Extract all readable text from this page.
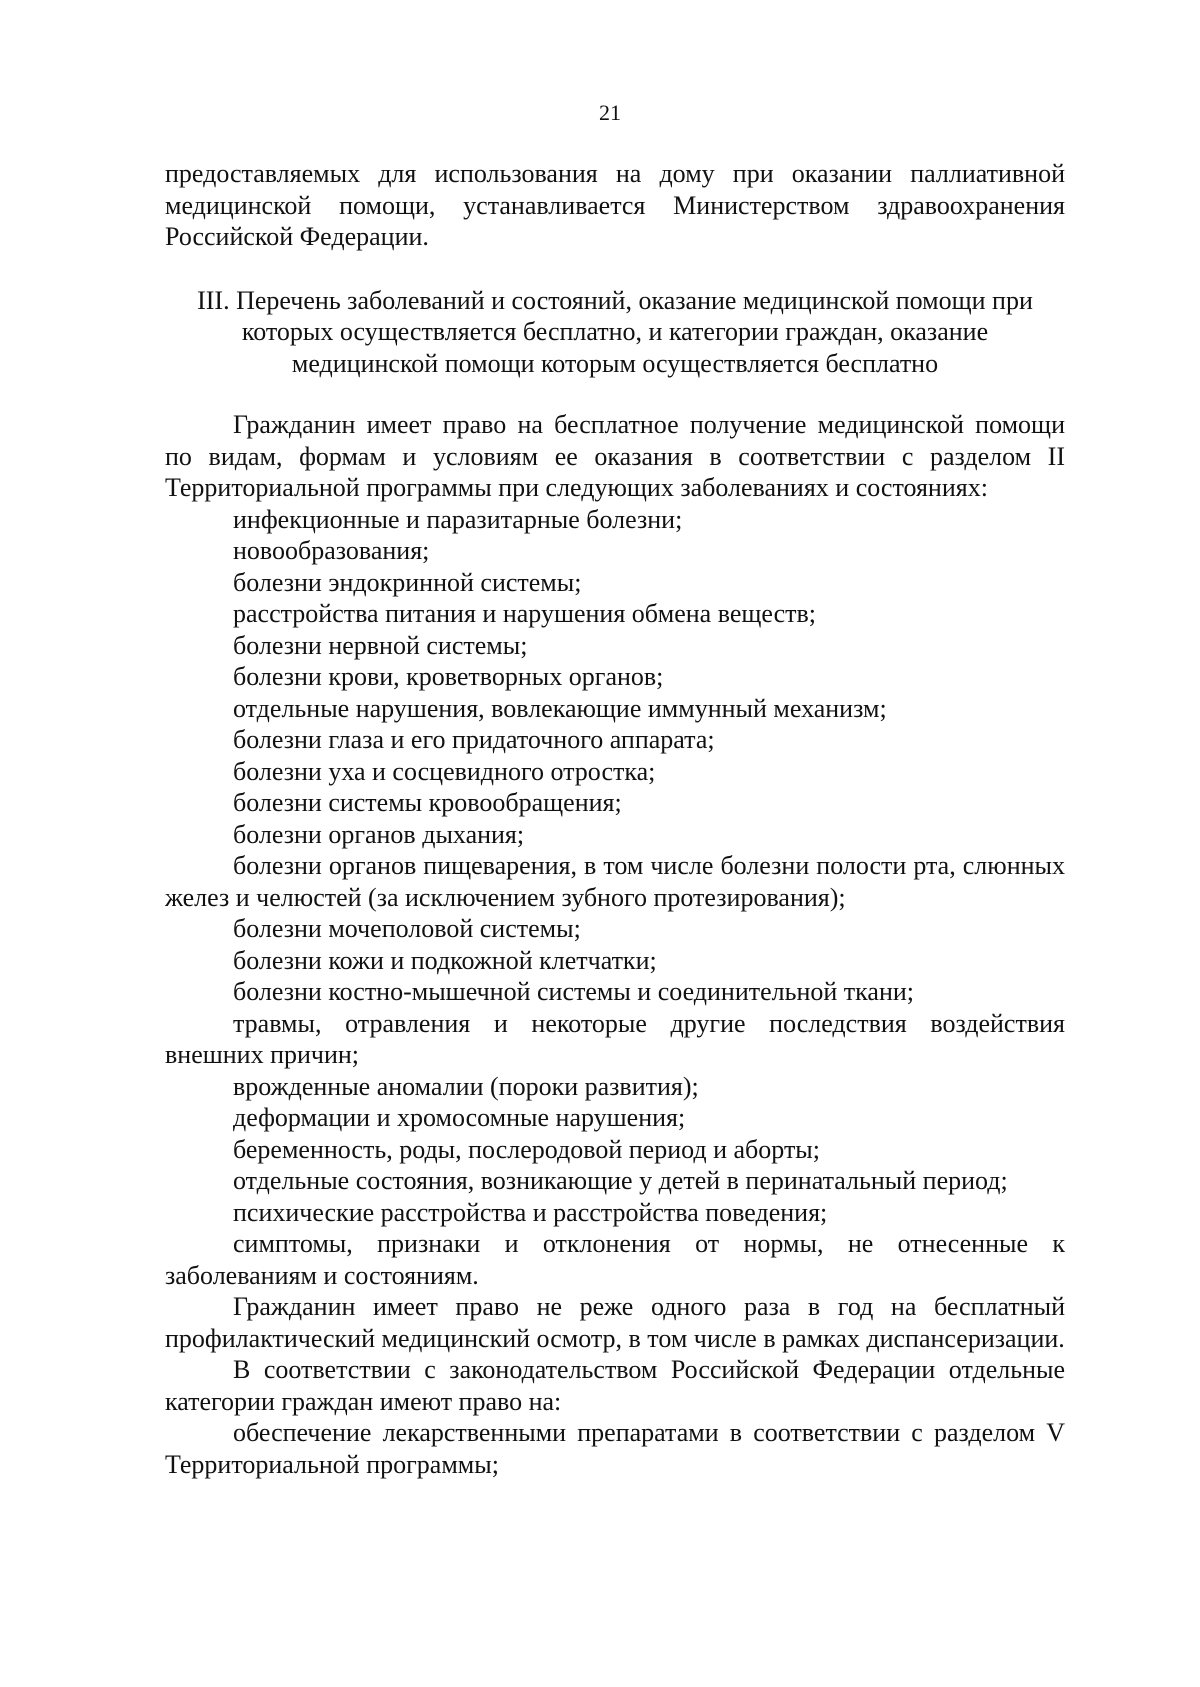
21

предоставляемых для использования на дому при оказании паллиативной медицинской помощи, устанавливается Министерством здравоохранения Российской Федерации.

III. Перечень заболеваний и состояний, оказание медицинской помощи при которых осуществляется бесплатно, и категории граждан, оказание медицинской помощи которым осуществляется бесплатно

Гражданин имеет право на бесплатное получение медицинской помощи по видам, формам и условиям ее оказания в соответствии с разделом II Территориальной программы при следующих заболеваниях и состояниях:

инфекционные и паразитарные болезни;

новообразования;

болезни эндокринной системы;

расстройства питания и нарушения обмена веществ;

болезни нервной системы;

болезни крови, кроветворных органов;

отдельные нарушения, вовлекающие иммунный механизм;

болезни глаза и его придаточного аппарата;

болезни уха и сосцевидного отростка;

болезни системы кровообращения;

болезни органов дыхания;

болезни органов пищеварения, в том числе болезни полости рта, слюнных желез и челюстей (за исключением зубного протезирования);

болезни мочеполовой системы;

болезни кожи и подкожной клетчатки;

болезни костно-мышечной системы и соединительной ткани;

травмы, отравления и некоторые другие последствия воздействия внешних причин;

врожденные аномалии (пороки развития);

деформации и хромосомные нарушения;

беременность, роды, послеродовой период и аборты;

отдельные состояния, возникающие у детей в перинатальный период;

психические расстройства и расстройства поведения;

симптомы, признаки и отклонения от нормы, не отнесенные к заболеваниям и состояниям.

Гражданин имеет право не реже одного раза в год на бесплатный профилактический медицинский осмотр, в том числе в рамках диспансеризации.

В соответствии с законодательством Российской Федерации отдельные категории граждан имеют право на:

обеспечение лекарственными препаратами в соответствии с разделом V Территориальной программы;
